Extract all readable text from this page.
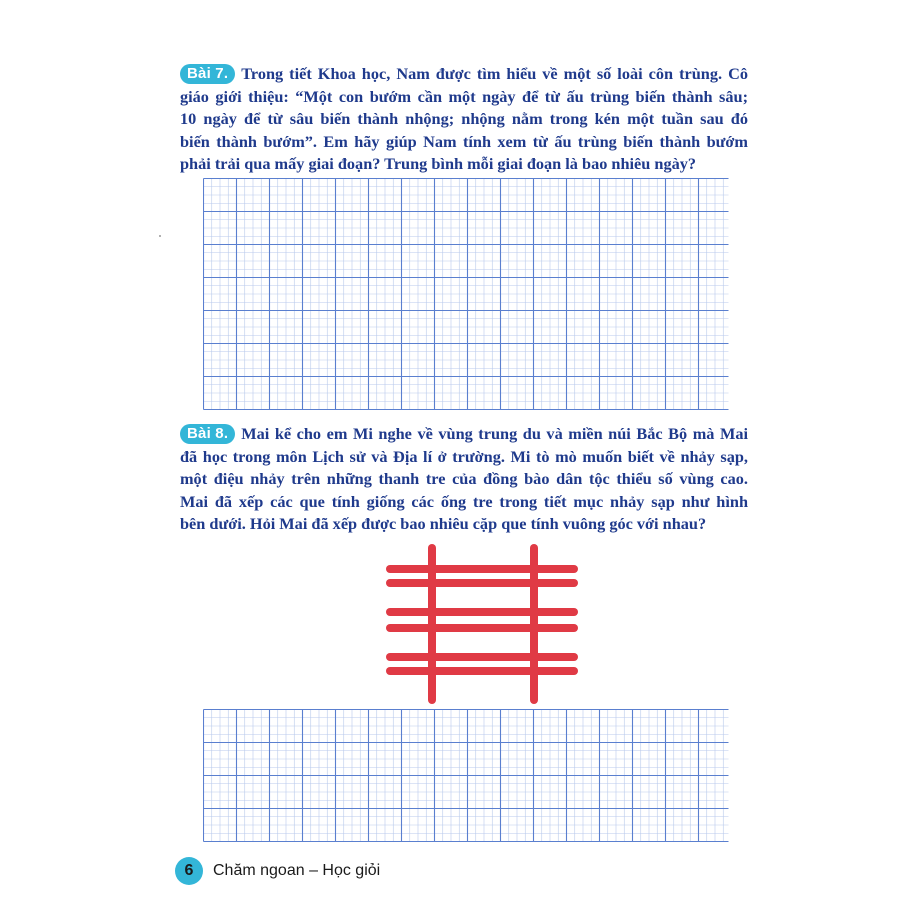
Bài 7. Trong tiết Khoa học, Nam được tìm hiểu về một số loài côn trùng. Cô
giáo giới thiệu: “Một con bướm cần một ngày để từ ấu trùng biến thành sâu;
10 ngày để từ sâu biến thành nhộng; nhộng nằm trong kén một tuần sau đó
biến thành bướm”. Em hãy giúp Nam tính xem từ ấu trùng biến thành bướm
phải trải qua mấy giai đoạn? Trung bình mỗi giai đoạn là bao nhiêu ngày?
Bài 8. Mai kể cho em Mi nghe về vùng trung du và miền núi Bắc Bộ mà Mai
đã học trong môn Lịch sử và Địa lí ở trường. Mi tò mò muốn biết về nhảy sạp,
một điệu nhảy trên những thanh tre của đồng bào dân tộc thiểu số vùng cao.
Mai đã xếp các que tính giống các ống tre trong tiết mục nhảy sạp như hình
bên dưới. Hỏi Mai đã xếp được bao nhiêu cặp que tính vuông góc với nhau?
6	Chăm ngoan – Học giỏi
